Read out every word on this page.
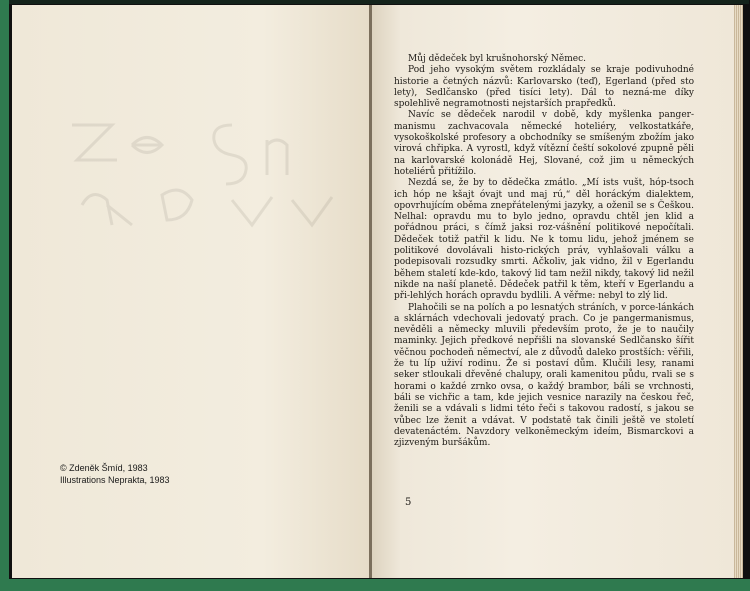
© Zdeněk Šmíd, 1983
Illustrations Neprakta, 1983

Můj dědeček byl krušnohorský Němec.

Pod jeho vysokým světem rozkládaly se kraje podivuhodné historie a četných názvů: Karlovarsko (teď), Egerland (před sto lety), Sedlčansko (před tisíci lety). Dál to nezná-me díky spolehlivě negramotnosti nejstarších prapředků.

Navíc se dědeček narodil v době, kdy myšlenka panger-manismu zachvacovala německé hoteliéry, velkostatkáře, vysokoškolské profesory a obchodníky se smíšeným zbožím jako virová chřipka. A vyrostl, když vítězní čeští sokolové zpupně pěli na karlovarské kolonádě Hej, Slované, což jim u německých hoteliérů přitížilo.

Nezdá se, že by to dědečka zmátlo. „Mí ists vušt, hóp-tsoch ich hóp ne kšajt óvajt und maj rú,“ děl horáckým dialektem, opovrhujícím oběma znepřátelenými jazyky, a oženil se s Češkou. Nelhal: opravdu mu to bylo jedno, opravdu chtěl jen klid a pořádnou práci, s čímž jaksi roz-vášnění politikové nepočítali. Dědeček totiž patřil k lidu. Ne k tomu lidu, jehož jménem se politikové dovolávali histo-rických práv, vyhlašovali válku a podepisovali rozsudky smrti. Ačkoliv, jak vidno, žil v Egerlandu během staletí kde-kdo, takový lid tam nežil nikdy, takový lid nežil nikde na naší planetě. Dědeček patřil k těm, kteří v Egerlandu a při-lehlých horách opravdu bydlili. A věřme: nebyl to zlý lid.

Plahočili se na polích a po lesnatých stráních, v porce-lánkách a sklárnách vdechovali jedovatý prach. Co je pangermanismus, nevěděli a německy mluvili především proto, že je to naučily maminky. Jejich předkové nepřišli na slovanské Sedlčansko šířit věčnou pochodeň němectví, ale z důvodů daleko prostších: věřili, že tu líp uživí rodinu. Že si postaví dům. Klučili lesy, ranami seker stloukali dřevěné chalupy, orali kamenitou půdu, rvali se s horami o každé zrnko ovsa, o každý brambor, báli se vrchnosti, báli se vichřic a tam, kde jejich vesnice narazily na českou řeč, ženili se a vdávali s lidmi této řeči s takovou radostí, s jakou se vůbec lze ženit a vdávat. V podstatě tak činili ještě ve století devatenáctém. Navzdory velkoněmeckým ideím, Bismarckovi a zjizveným buršákům.

5
